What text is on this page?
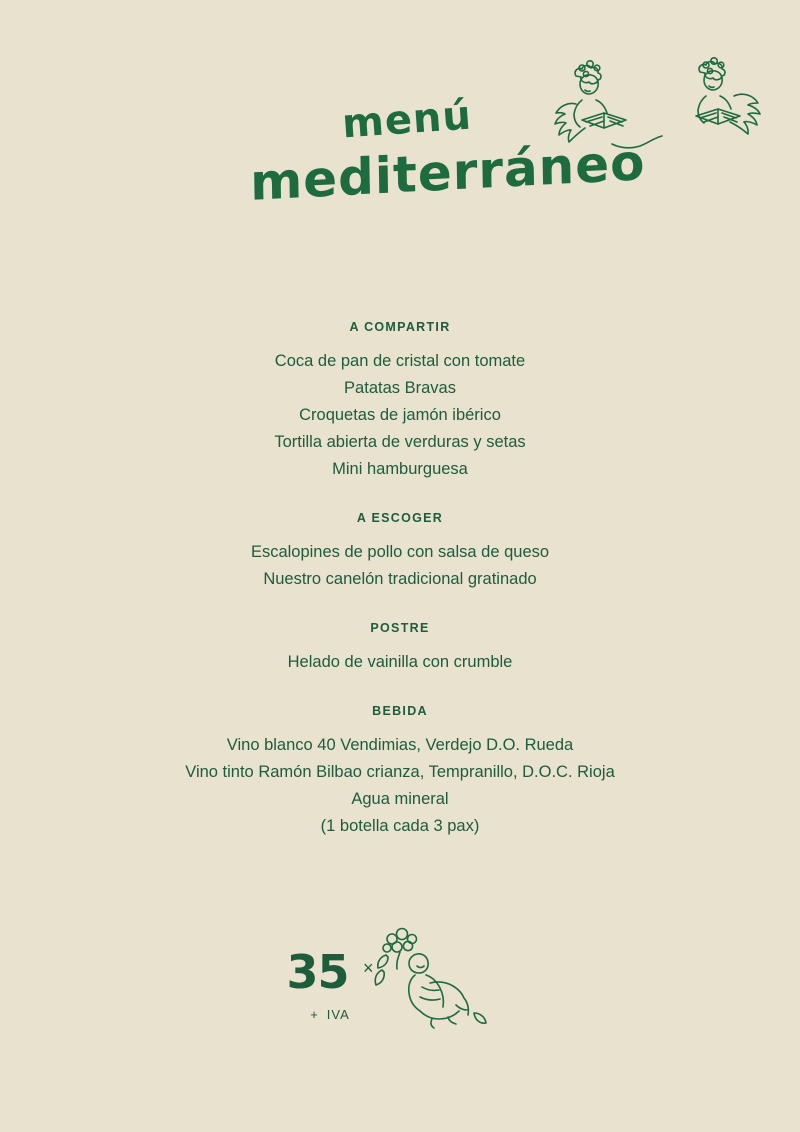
menú
mediterráneo
A COMPARTIR
Coca de pan de cristal con tomate
Patatas Bravas
Croquetas de jamón ibérico
Tortilla abierta de verduras y setas
Mini hamburguesa
A ESCOGER
Escalopines de pollo con salsa de queso
Nuestro canelón tradicional gratinado
POSTRE
Helado de vainilla con crumble
BEBIDA
Vino blanco 40 Vendimias, Verdejo D.O. Rueda
Vino tinto Ramón Bilbao crianza, Tempranillo, D.O.C. Rioja
Agua mineral
(1 botella cada 3 pax)
35 ×
+ IVA
